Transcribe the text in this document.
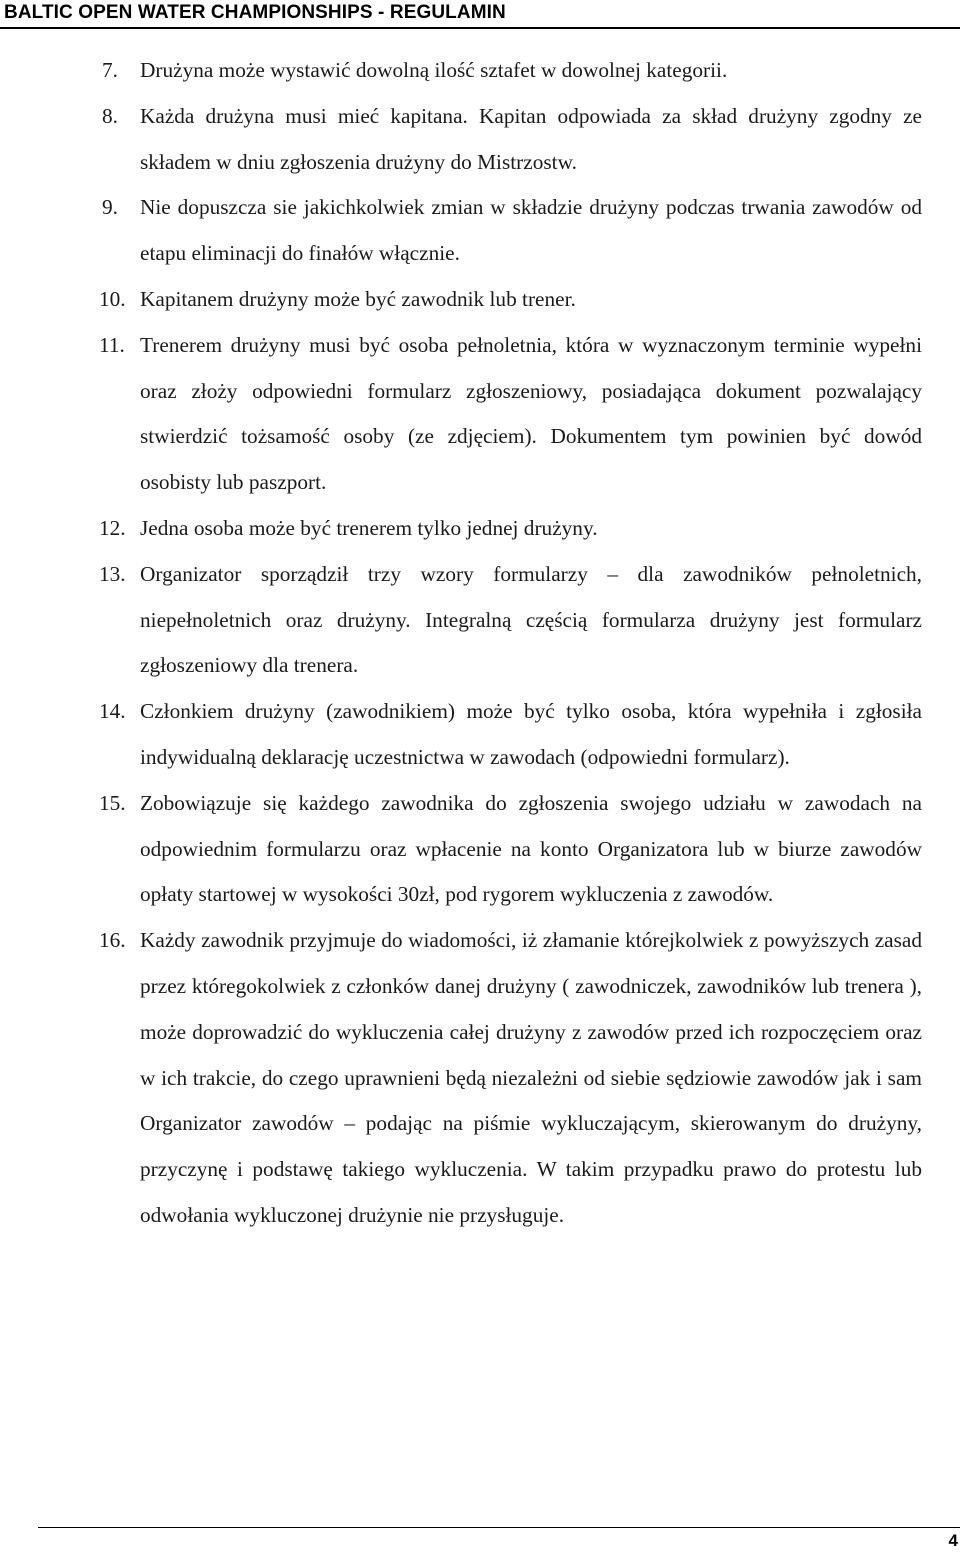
BALTIC OPEN WATER CHAMPIONSHIPS - REGULAMIN
7.	Drużyna może wystawić dowolną ilość sztafet w dowolnej kategorii.
8.	Każda drużyna musi mieć kapitana. Kapitan odpowiada za skład drużyny zgodny ze składem w dniu zgłoszenia drużyny do Mistrzostw.
9.	Nie dopuszcza sie jakichkolwiek zmian w składzie drużyny podczas trwania zawodów od etapu eliminacji do finałów włącznie.
10. Kapitanem drużyny może być zawodnik lub trener.
11. Trenerem drużyny musi być osoba pełnoletnia, która w wyznaczonym terminie wypełni oraz złoży odpowiedni formularz zgłoszeniowy, posiadająca dokument pozwalający stwierdzić tożsamość osoby (ze zdjęciem). Dokumentem tym powinien być dowód osobisty lub paszport.
12. Jedna osoba może być trenerem tylko jednej drużyny.
13. Organizator sporządził trzy wzory formularzy – dla zawodników pełnoletnich, niepełnoletnich oraz drużyny. Integralną częścią formularza drużyny jest formularz zgłoszeniowy dla trenera.
14. Członkiem drużyny (zawodnikiem) może być tylko osoba, która wypełniła i zgłosiła indywidualną deklarację uczestnictwa w zawodach (odpowiedni formularz).
15. Zobowiązuje się każdego zawodnika do zgłoszenia swojego udziału w zawodach na odpowiednim formularzu oraz wpłacenie na konto Organizatora lub w biurze zawodów opłaty startowej w wysokości 30zł, pod rygorem wykluczenia z zawodów.
16. Każdy zawodnik przyjmuje do wiadomości, iż złamanie którejkolwiek z powyższych zasad przez któregokolwiek z członków danej drużyny ( zawodniczek, zawodników lub trenera ), może doprowadzić do wykluczenia całej drużyny z zawodów przed ich rozpoczęciem oraz w ich trakcie, do czego uprawnieni będą niezależni od siebie sędziowie zawodów jak i sam Organizator zawodów – podając na piśmie wykluczającym, skierowanym do drużyny, przyczynę i podstawę takiego wykluczenia. W takim przypadku prawo do protestu lub odwołania wykluczonej drużynie nie przysługuje.
4
